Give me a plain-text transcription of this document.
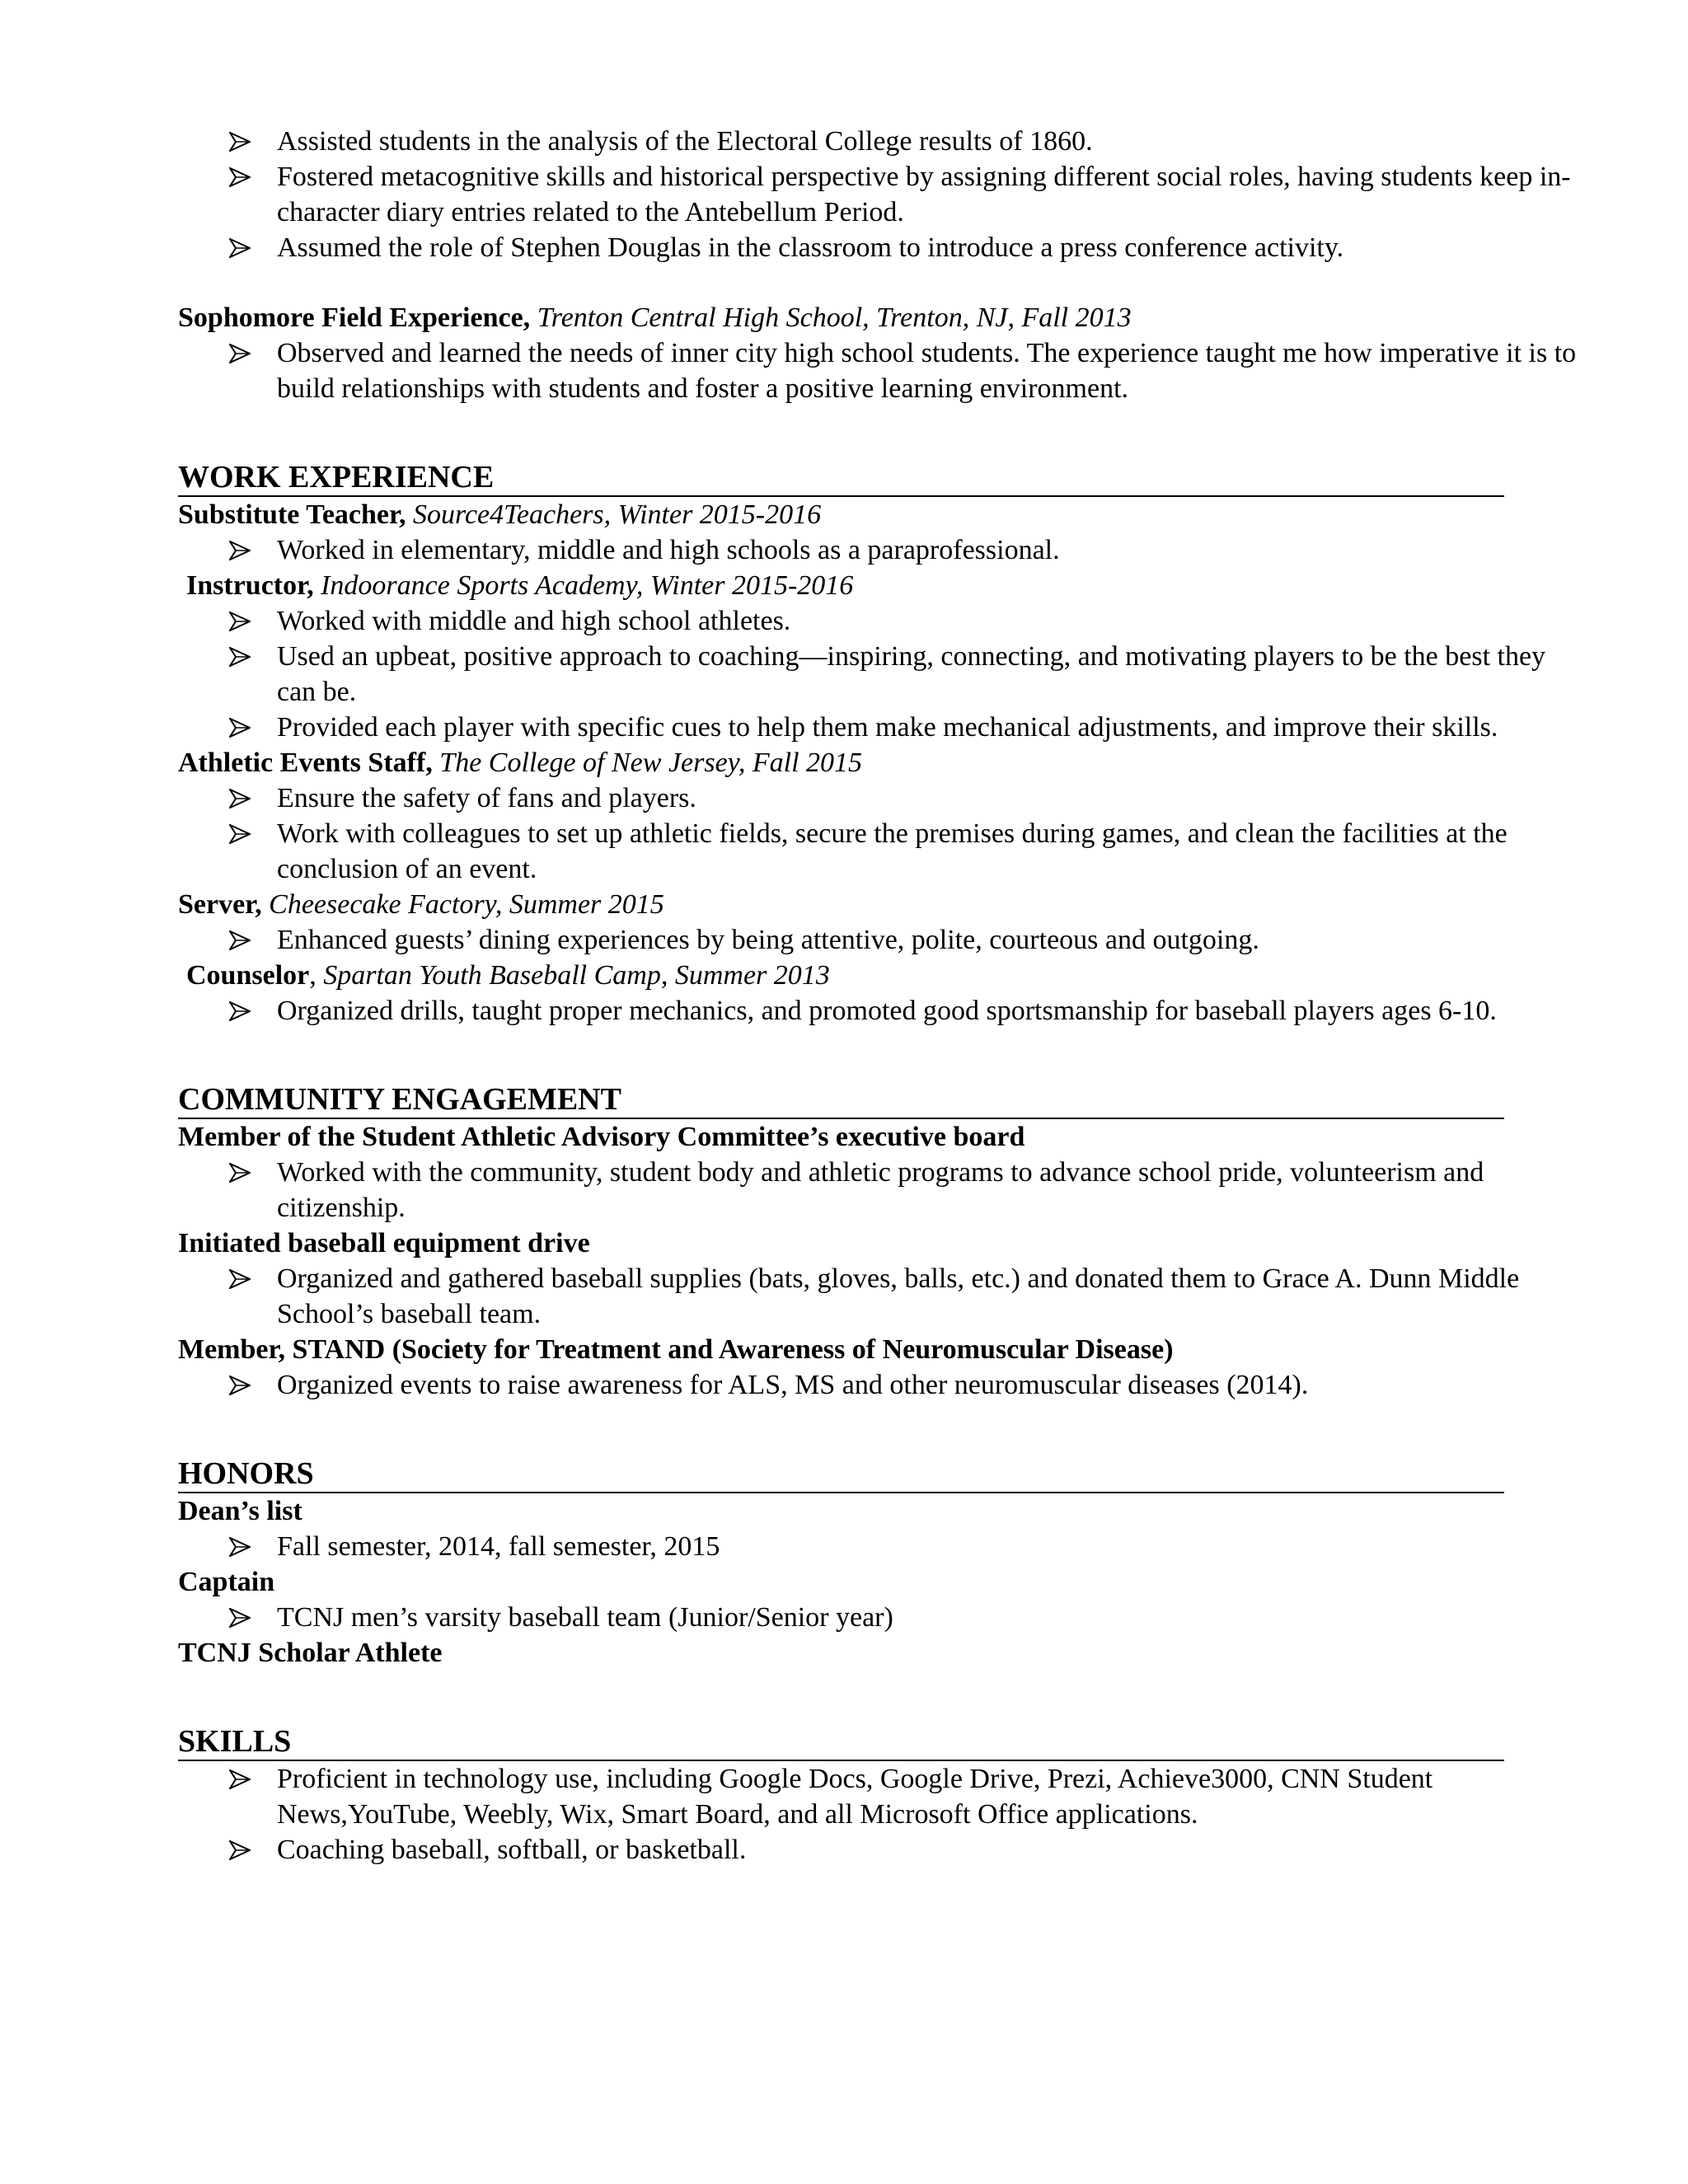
Assisted students in the analysis of the Electoral College results of 1860.
Fostered metacognitive skills and historical perspective by assigning different social roles, having students keep in-character diary entries related to the Antebellum Period.
Assumed the role of Stephen Douglas in the classroom to introduce a press conference activity.

Sophomore Field Experience, Trenton Central High School, Trenton, NJ, Fall 2013

Observed and learned the needs of inner city high school students. The experience taught me how imperative it is to build relationships with students and foster a positive learning environment.
WORK EXPERIENCE

Substitute Teacher, Source4Teachers, Winter 2015-2016

Worked in elementary, middle and high schools as a paraprofessional.

Instructor, Indoorance Sports Academy, Winter 2015-2016

Worked with middle and high school athletes.
Used an upbeat, positive approach to coaching—inspiring, connecting, and motivating players to be the best they can be.
Provided each player with specific cues to help them make mechanical adjustments, and improve their skills.

Athletic Events Staff, The College of New Jersey, Fall 2015

Ensure the safety of fans and players.
Work with colleagues to set up athletic fields, secure the premises during games, and clean the facilities at the conclusion of an event.

Server, Cheesecake Factory, Summer 2015

Enhanced guests’ dining experiences by being attentive, polite, courteous and outgoing.

Counselor, Spartan Youth Baseball Camp, Summer 2013

Organized drills, taught proper mechanics, and promoted good sportsmanship for baseball players ages 6-10.
COMMUNITY ENGAGEMENT

Member of the Student Athletic Advisory Committee’s executive board

Worked with the community, student body and athletic programs to advance school pride, volunteerism and citizenship.

Initiated baseball equipment drive

Organized and gathered baseball supplies (bats, gloves, balls, etc.) and donated them to Grace A. Dunn Middle School’s baseball team.

Member, STAND (Society for Treatment and Awareness of Neuromuscular Disease)

Organized events to raise awareness for ALS, MS and other neuromuscular diseases (2014).
HONORS

Dean’s list

Fall semester, 2014, fall semester, 2015

Captain

TCNJ men’s varsity baseball team (Junior/Senior year)

TCNJ Scholar Athlete

SKILLS
Proficient in technology use, including Google Docs, Google Drive, Prezi, Achieve3000, CNN Student News,YouTube, Weebly, Wix, Smart Board, and all Microsoft Office applications.
Coaching baseball, softball, or basketball.
